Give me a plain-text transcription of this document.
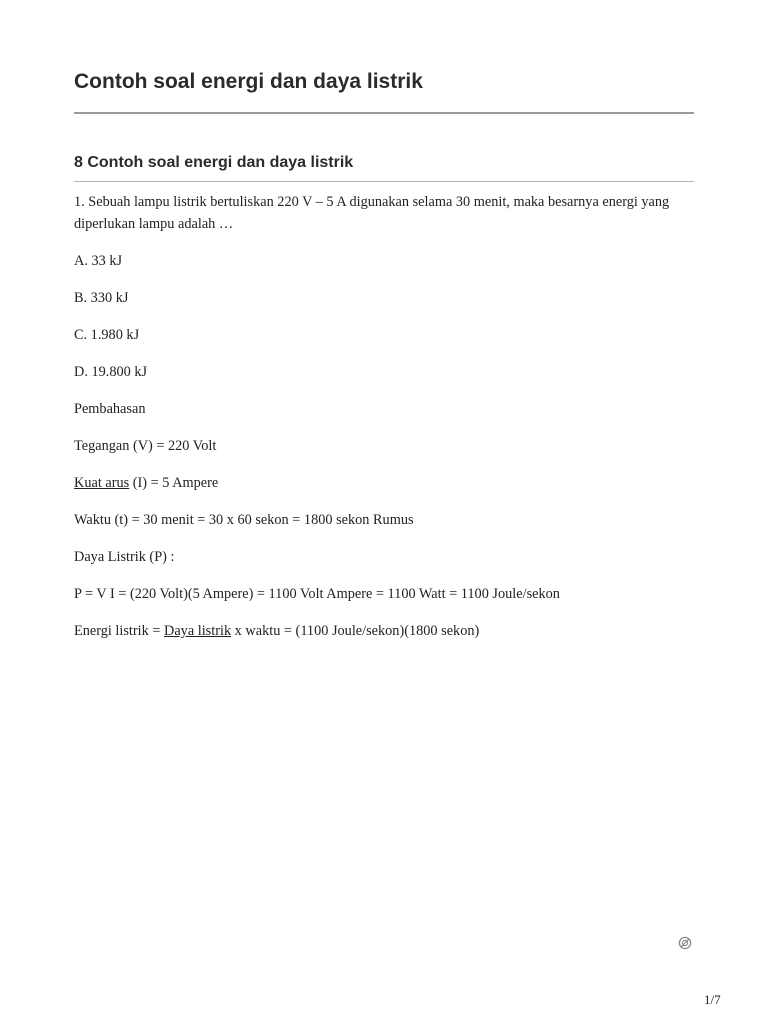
Contoh soal energi dan daya listrik
8 Contoh soal energi dan daya listrik

1. Sebuah lampu listrik bertuliskan 220 V – 5 A digunakan selama 30 menit, maka besarnya energi yang diperlukan lampu adalah …

A. 33 kJ

B. 330 kJ

C. 1.980 kJ

D. 19.800 kJ

Pembahasan

Tegangan (V) = 220 Volt

Kuat arus (I) = 5 Ampere

Waktu (t) = 30 menit = 30 x 60 sekon = 1800 sekon Rumus

Daya Listrik (P) :

P = V I = (220 Volt)(5 Ampere) = 1100 Volt Ampere = 1100 Watt = 1100 Joule/sekon

Energi listrik = Daya listrik x waktu = (1100 Joule/sekon)(1800 sekon)

1/7
